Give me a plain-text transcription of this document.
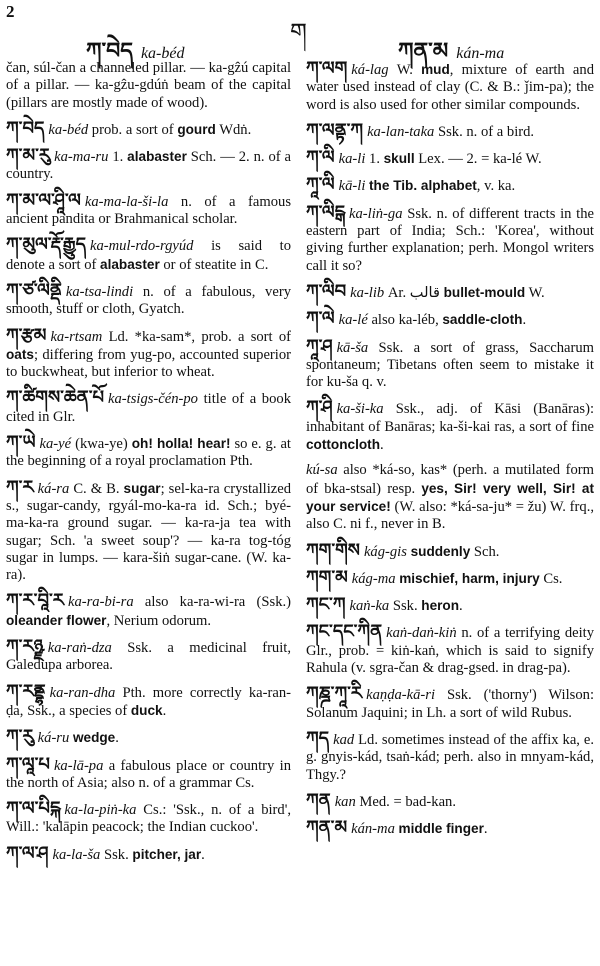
2
ག
ཀ་བེད ka-béd	ཀན་མ kán-ma

čan, súl-čan a channeled pillar. — ka-gẑú capital of a pillar. — ka-gẑu-gdúṅ beam of the capital (pillars are mostly made of wood).

ཀ་བེད ka-béd prob. a sort of gourd Wdṅ.

ཀ་མ་རུ ka-ma-ru 1. alabaster Sch. — 2. n. of a country.

ཀ་མ་ལ་ཤཱི་ལ ka-ma-la-ši-la n. of a famous ancient pandita or Brahmanical scholar.

ཀ་མུལ་རྡོ་རྒྱུད ka-mul-rdo-rgyúd is said to denote a sort of alabaster or of steatite in C.

ཀ་ཙ་ལིནྡི ka-tsa-lindi n. of a fabulous, very smooth, stuff or cloth, Gyatch.

ཀ་རྩམ ka-rtsam Ld. *ka-sam*, prob. a sort of oats; differing from yug-po, accounted superior to buckwheat, but inferior to wheat.

ཀ་ཚིགས་ཆེན་པོ ka-tsigs-čén-po title of a book cited in Glr.

ཀ་ཡེ ka-yé (kwa-ye) oh! holla! hear! so e. g. at the beginning of a royal proclamation Pth.

ཀ་ར ká-ra C. & B. sugar; sel-ka-ra crystallized s., sugar-candy, rgyál-mo-ka-ra id. Sch.; byé-ma-ka-ra ground sugar. — ka-ra-ja tea with sugar; Sch. 'a sweet soup'? — ka-ra tog-tóg sugar in lumps. — kara-šiṅ sugar-cane. (W. ka-ra).

ཀ་ར་བཱི་ར ka-ra-bi-ra also ka-ra-wi-ra (Ssk.) oleander flower, Nerium odorum.

ཀ་རཉྫ ka-raṅ-dza Ssk. a medicinal fruit, Galedupa arborea.

ཀ་རནྡྷ ka-ran-dha Pth. more correctly ka-ran-ḍa, Ssk., a species of duck.

ཀ་རུ ká-ru wedge.

ཀ་ལཱ་པ ka-lā-pa a fabulous place or country in the north of Asia; also n. of a grammar Cs.

ཀ་ལ་པིངྐ ka-la-piṅ-ka Cs.: 'Ssk., n. of a bird', Will.: 'kalāpin peacock; the Indian cuckoo'.

ཀ་ལ་ཤ ka-la-ša Ssk. pitcher, jar.

ཀ་ལག ká-lag W. mud, mixture of earth and water used instead of clay (C. & B.: ǰim-pa); the word is also used for other similar compounds.

ཀ་ལནྟ་ཀ ka-lan-taka Ssk. n. of a bird.

ཀ་ལི ka-li 1. skull Lex. — 2. = ka-lé W.

ཀཱ་ལི kā-li the Tib. alphabet, v. ka.

ཀ་ལིངྒ ka-liṅ-ga Ssk. n. of different tracts in the eastern part of India; Sch.: 'Korea', without giving further explanation; perh. Mongol writers call it so?

ཀ་ལིབ ka-lib Ar. قالب bullet-mould W.

ཀ་ལེ ka-lé also ka-léb, saddle-cloth.

ཀཱ་ཤ kā-ša Ssk. a sort of grass, Saccharum spontaneum; Tibetans often seem to mistake it for ku-ša q. v.

ཀ་ཤི ka-ši-ka Ssk., adj. of Kāsi (Banāras): inhabitant of Banāras; ka-ši-kai ras, a sort of fine cottoncloth.

kú-sa also *ká-so, kas* (perh. a mutilated form of bka-stsal) resp. yes, Sir! very well, Sir! at your service! (W. also: *ká-sa-ju* = žu) W. frq., also C. ni f., never in B.

ཀག་གིས kág-gis suddenly Sch.

ཀག་མ kág-ma mischief, harm, injury Cs.

ཀང་ཀ kaṅ-ka Ssk. heron.

ཀང་དང་ཀིན kaṅ-daṅ-kiṅ n. of a terrifying deity Glr., prob. = kiṅ-kaṅ, which is said to signify Rahula (v. sgra-čan & drag-gsed. in drag-pa).

ཀཎྜ་ཀཱ་རི kaṇḍa-kā-ri Ssk. ('thorny') Wilson: Solanum Jaquini; in Lh. a sort of wild Rubus.

ཀད kad Ld. sometimes instead of the affix ka, e. g. gnyis-kád, tsaṅ-kád; perh. also in mnyam-kád, Thgy.?

ཀན kan Med. = bad-kan.

ཀན་མ kán-ma middle finger.
